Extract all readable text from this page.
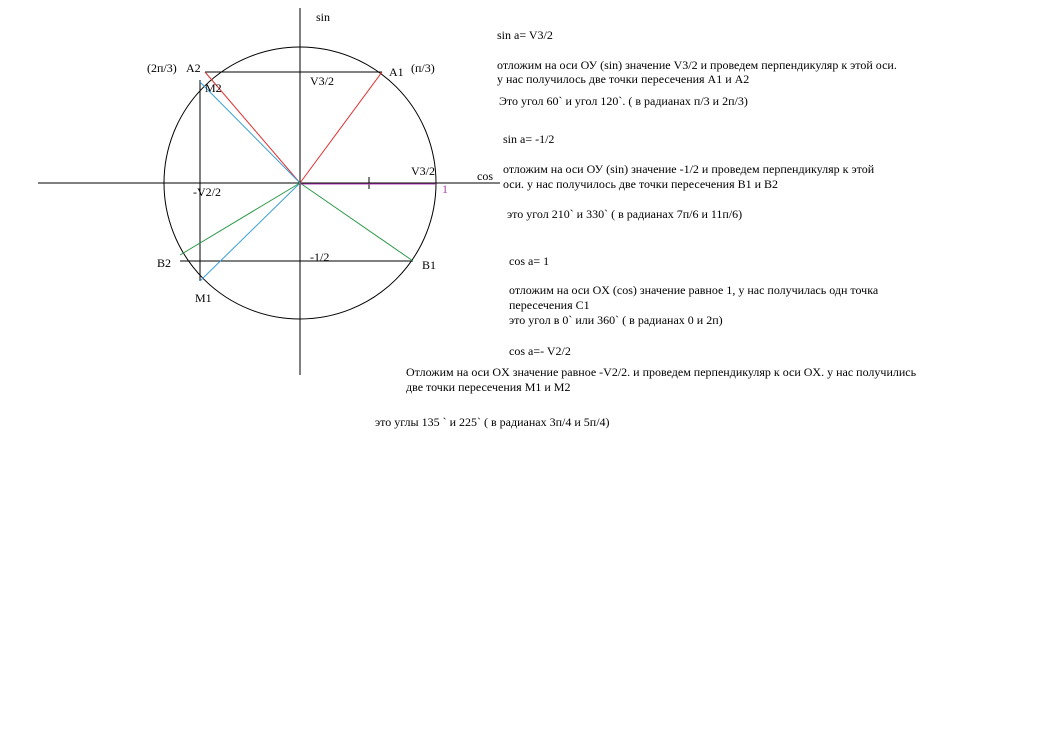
sin
cos
A1 (п/3)
A2
(2п/3)
M2
M1
B1
B2
V3/2
V3/2
1
-V2/2
-1/2
sin a= V3/2
отложим на оси ОУ (sin) значение V3/2 и проведем перпендикуляр к этой оси.
у нас получилось две точки пересечения А1 и А2
Это угол 60` и угол 120`. ( в радианах п/3 и 2п/3)
sin a= -1/2
отложим на оси ОУ (sin) значение -1/2 и проведем перпендикуляр к этой
оси. у нас получилось две точки пересечения В1 и В2
это угол 210` и 330` ( в радианах 7п/6 и 11п/6)
cos a= 1
отложим на оси OX (cos) значение равное 1, у нас получилась одн точка
пересечения С1
это угол в 0` или 360` ( в радианах 0 и 2п)
cos a=- V2/2
Отложим на оси OX значение равное -V2/2. и проведем перпендикуляр к оси OX. у нас получились
две точки пересечения M1 и M2
это углы 135 ` и 225` ( в радианах 3п/4 и 5п/4)
